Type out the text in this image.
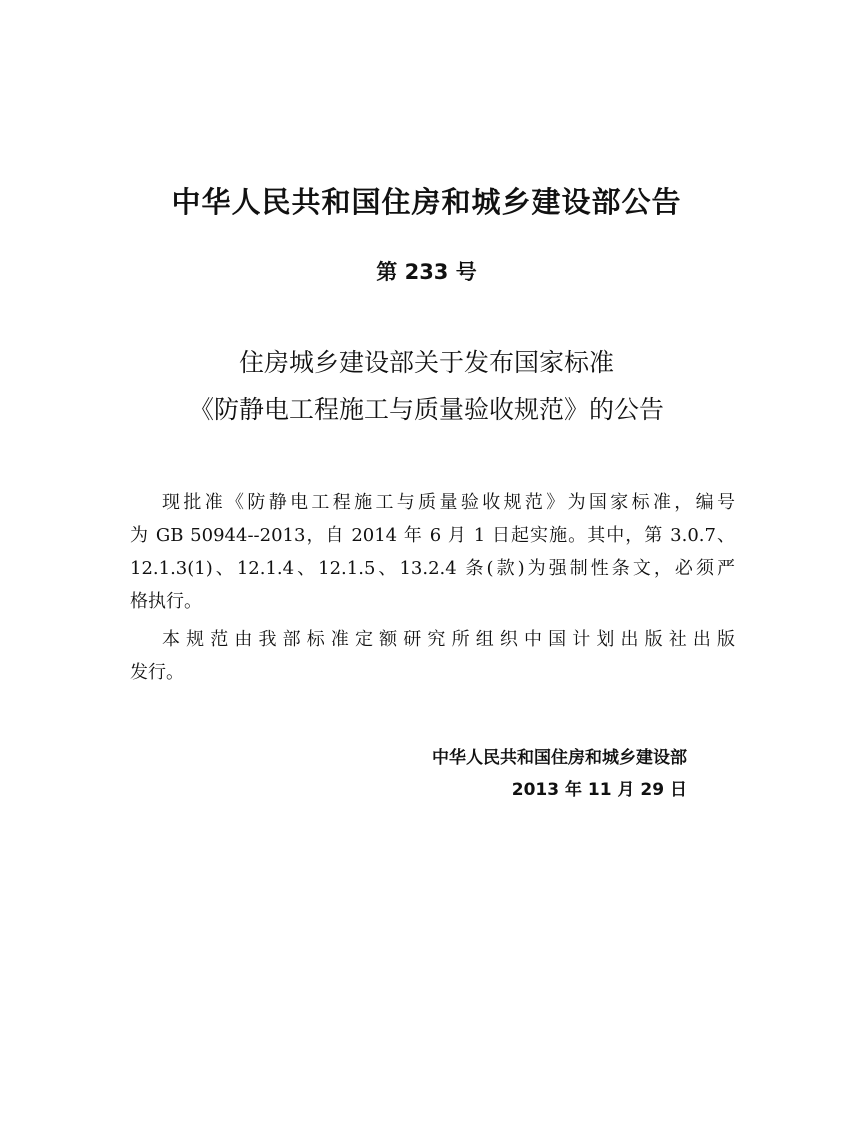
中华人民共和国住房和城乡建设部公告
第 233 号
住房城乡建设部关于发布国家标准
《防静电工程施工与质量验收规范》的公告
现批准《防静电工程施工与质量验收规范》为国家标准，编号
为 GB 50944--2013，自 2014 年 6 月 1 日起实施。其中，第 3.0.7、
12.1.3(1)、12.1.4、12.1.5、13.2.4 条(款)为强制性条文，必须严
格执行。
本规范由我部标准定额研究所组织中国计划出版社出版
发行。
中华人民共和国住房和城乡建设部
2013 年 11 月 29 日
